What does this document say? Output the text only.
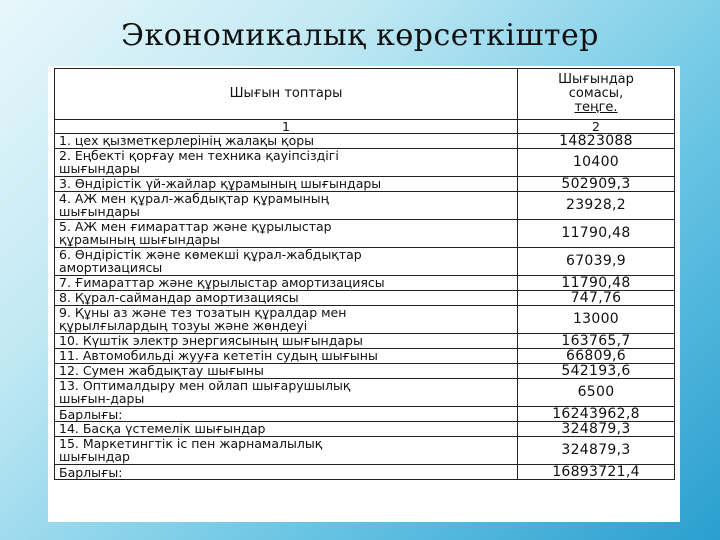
Экономикалық көрсеткіштер
Шығын топтары	Шығындар
сомасы,
теңге.
1	2
1. цех қызметкерлерінің жалақы қоры	14823088
2. Еңбекті қорғау мен техника қауіпсіздігі
шығындары	10400
3. Өндірістік үй-жайлар құрамының шығындары	502909,3
4. АЖ мен құрал-жабдықтар құрамының
шығындары	23928,2
5. АЖ мен ғимараттар және құрылыстар
құрамының шығындары	11790,48
6. Өндірістік және көмекші құрал-жабдықтар
амортизациясы	67039,9
7. Ғимараттар және құрылыстар амортизациясы	11790,48
8. Құрал-саймандар амортизациясы	747,76
9. Құны аз және тез тозатын құралдар мен
құрылғылардың тозуы және жөндеуі	13000
10. Күштік электр энергиясының шығындары	163765,7
11. Автомобильді жууға кететін судың шығыны	66809,6
12. Сумен жабдықтау шығыны	542193,6
13. Оптималдыру мен ойлап шығарушылық
шығын-дары	6500
Барлығы:	16243962,8
14. Басқа үстемелік шығындар	324879,3
15. Маркетингтік іс пен жарнамалылық
шығындар	324879,3
Барлығы:	16893721,4
